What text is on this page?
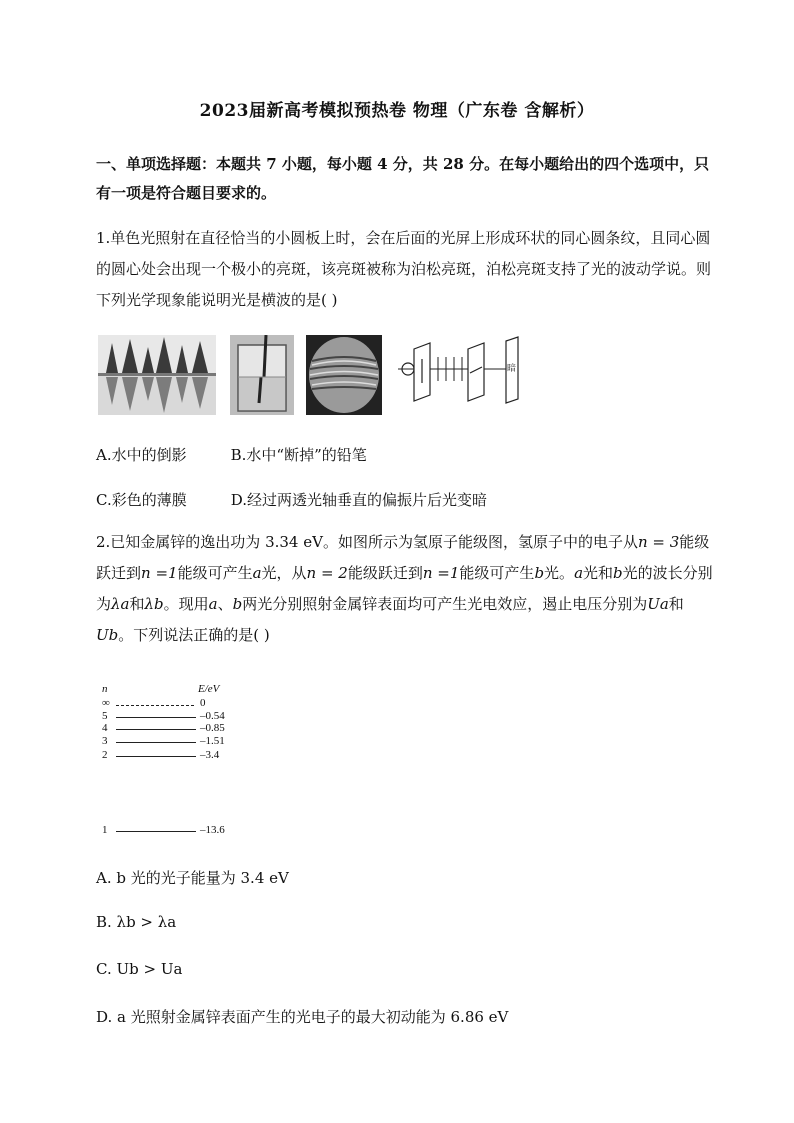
2023届新高考模拟预热卷 物理（广东卷 含解析）
一、单项选择题：本题共 7 小题，每小题 4 分，共 28 分。在每小题给出的四个选项中，只有一项是符合题目要求的。
1.单色光照射在直径恰当的小圆板上时，会在后面的光屏上形成环状的同心圆条纹，且同心圆的圆心处会出现一个极小的亮斑，该亮斑被称为泊松亮斑，泊松亮斑支持了光的波动学说。则下列光学现象能说明光是横波的是( )
暗
A.水中的倒影	B.水中“断掉”的铅笔
C.彩色的薄膜	D.经过两透光轴垂直的偏振片后光变暗
2.已知金属锌的逸出功为 3.34 eV。如图所示为氢原子能级图，氢原子中的电子从n = 3能级跃迁到n =1能级可产生a光，从n = 2能级跃迁到n =1能级可产生b光。a光和b光的波长分别为λa和λb。现用a、b两光分别照射金属锌表面均可产生光电效应，遏止电压分别为Ua和Ub。下列说法正确的是( )
n	E/eV
∞	0
5	–0.54
4	–0.85
3	–1.51
2	–3.4
1	–13.6
A. b 光的光子能量为 3.4 eV
B. λb > λa
C. Ub > Ua
D. a 光照射金属锌表面产生的光电子的最大初动能为 6.86 eV
